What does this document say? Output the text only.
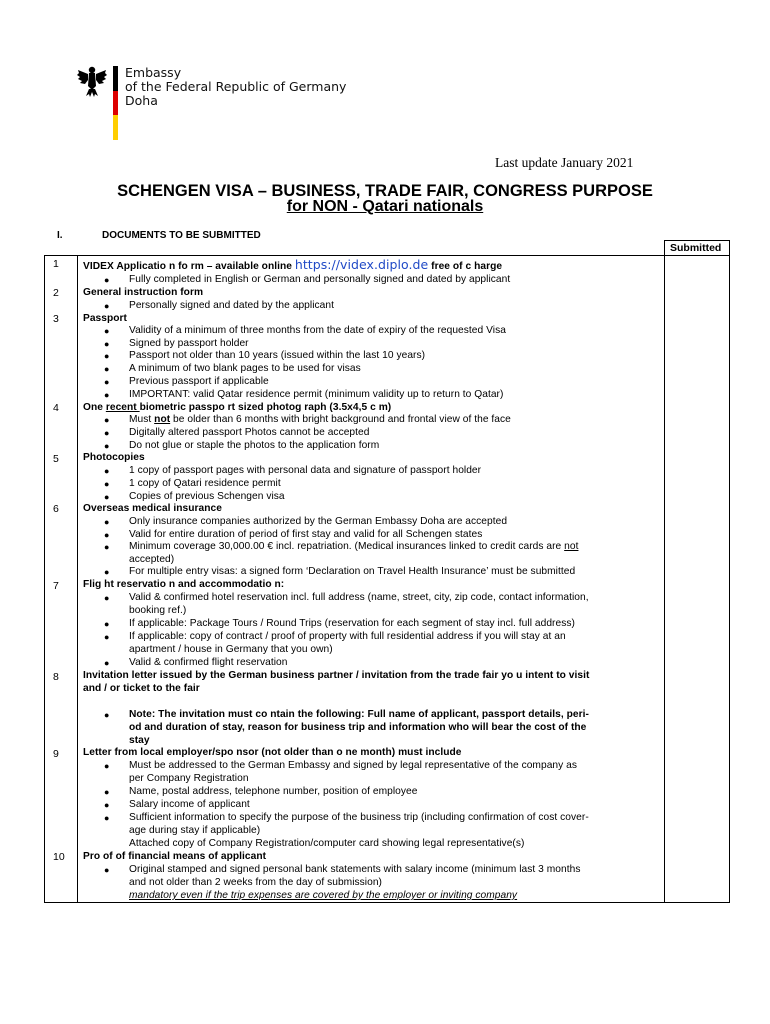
Embassy
of the Federal Republic of Germany
Doha
Last update January 2021
SCHENGEN VISA – BUSINESS, TRADE FAIR, CONGRESS PURPOSE
for NON - Qatari nationals
I.	DOCUMENTS TO BE SUBMITTED
Submitted
1
2
3
4
5
6
7
8
9
10
VIDEX Applicatio n fo rm – available online https://videx.diplo.de free of c harge
● Fully completed in English or German and personally signed and dated by applicant
General instruction form
● Personally signed and dated by the applicant
Passport
● Validity of a minimum of three months from the date of expiry of the requested Visa
● Signed by passport holder
● Passport not older than 10 years (issued within the last 10 years)
● A minimum of two blank pages to be used for visas
● Previous passport if applicable
● IMPORTANT: valid Qatar residence permit (minimum validity up to return to Qatar)
One recent biometric passpo rt sized photog raph (3.5x4,5 c m)
● Must not be older than 6 months with bright background and frontal view of the face
● Digitally altered passport Photos cannot be accepted
● Do not glue or staple the photos to the application form
Photocopies
● 1 copy of passport pages with personal data and signature of passport holder
● 1 copy of Qatari residence permit
● Copies of previous Schengen visa
Overseas medical insurance
● Only insurance companies authorized by the German Embassy Doha are accepted
● Valid for entire duration of period of first stay and valid for all Schengen states
● Minimum coverage 30,000.00 € incl. repatriation. (Medical insurances linked to credit cards are not
accepted)
● For multiple entry visas: a signed form ‘Declaration on Travel Health Insurance’ must be submitted
Flig ht reservatio n and accommodatio n:
● Valid & confirmed hotel reservation incl. full address (name, street, city, zip code, contact information,
booking ref.)
● If applicable: Package Tours / Round Trips (reservation for each segment of stay incl. full address)
● If applicable: copy of contract / proof of property with full residential address if you will stay at an
apartment / house in Germany that you own)
● Valid & confirmed flight reservation
Invitation letter issued by the German business partner / invitation from the trade fair yo u intent to visit
and / or ticket to the fair
● Note: The invitation must co ntain the following: Full name of applicant, passport details, peri-
od and duration of stay, reason for business trip and information who will bear the cost of the
stay
Letter from local employer/spo nsor (not older than o ne month) must include
● Must be addressed to the German Embassy and signed by legal representative of the company as
per Company Registration
● Name, postal address, telephone number, position of employee
● Salary income of applicant
● Sufficient information to specify the purpose of the business trip (including confirmation of cost cover-
age during stay if applicable)
Attached copy of Company Registration/computer card showing legal representative(s)
Pro of of financial means of applicant
● Original stamped and signed personal bank statements with salary income (minimum last 3 months
and not older than 2 weeks from the day of submission)
mandatory even if the trip expenses are covered by the employer or inviting company
